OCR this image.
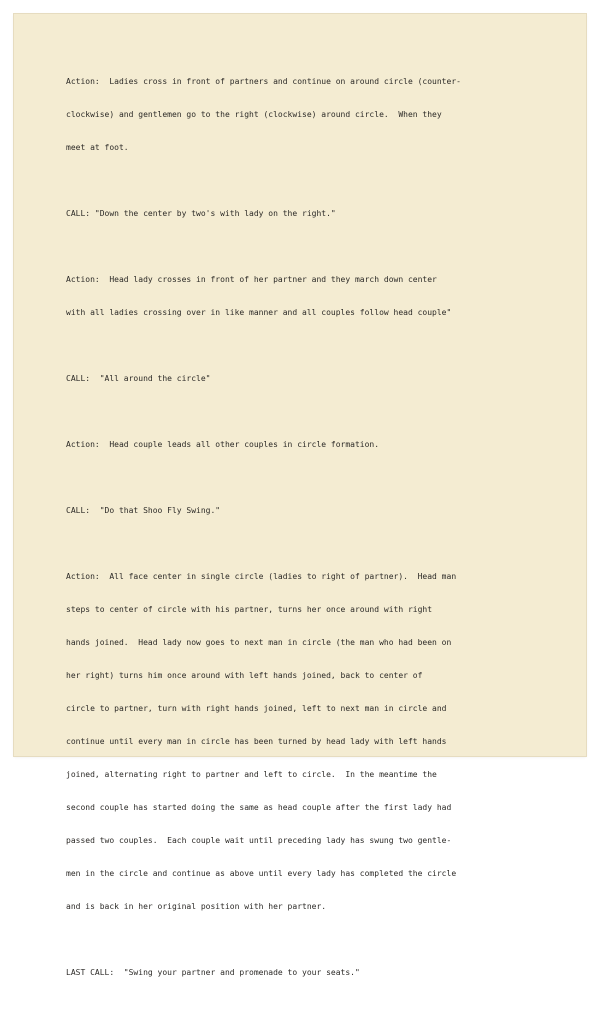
Action:  Ladies cross in front of partners and continue on around circle (counter-

clockwise) and gentlemen go to the right (clockwise) around circle.  When they

meet at foot.

CALL: "Down the center by two's with lady on the right."

Action:  Head lady crosses in front of her partner and they march down center

with all ladies crossing over in like manner and all couples follow head couple"

CALL:  "All around the circle"

Action:  Head couple leads all other couples in circle formation.

CALL:  "Do that Shoo Fly Swing."

Action:  All face center in single circle (ladies to right of partner).  Head man

steps to center of circle with his partner, turns her once around with right

hands joined.  Head lady now goes to next man in circle (the man who had been on

her right) turns him once around with left hands joined, back to center of

circle to partner, turn with right hands joined, left to next man in circle and

continue until every man in circle has been turned by head lady with left hands

joined, alternating right to partner and left to circle.  In the meantime the

second couple has started doing the same as head couple after the first lady had

passed two couples.  Each couple wait until preceding lady has swung two gentle-

men in the circle and continue as above until every lady has completed the circle

and is back in her original position with her partner.

LAST CALL:  "Swing your partner and promenade to your seats."
